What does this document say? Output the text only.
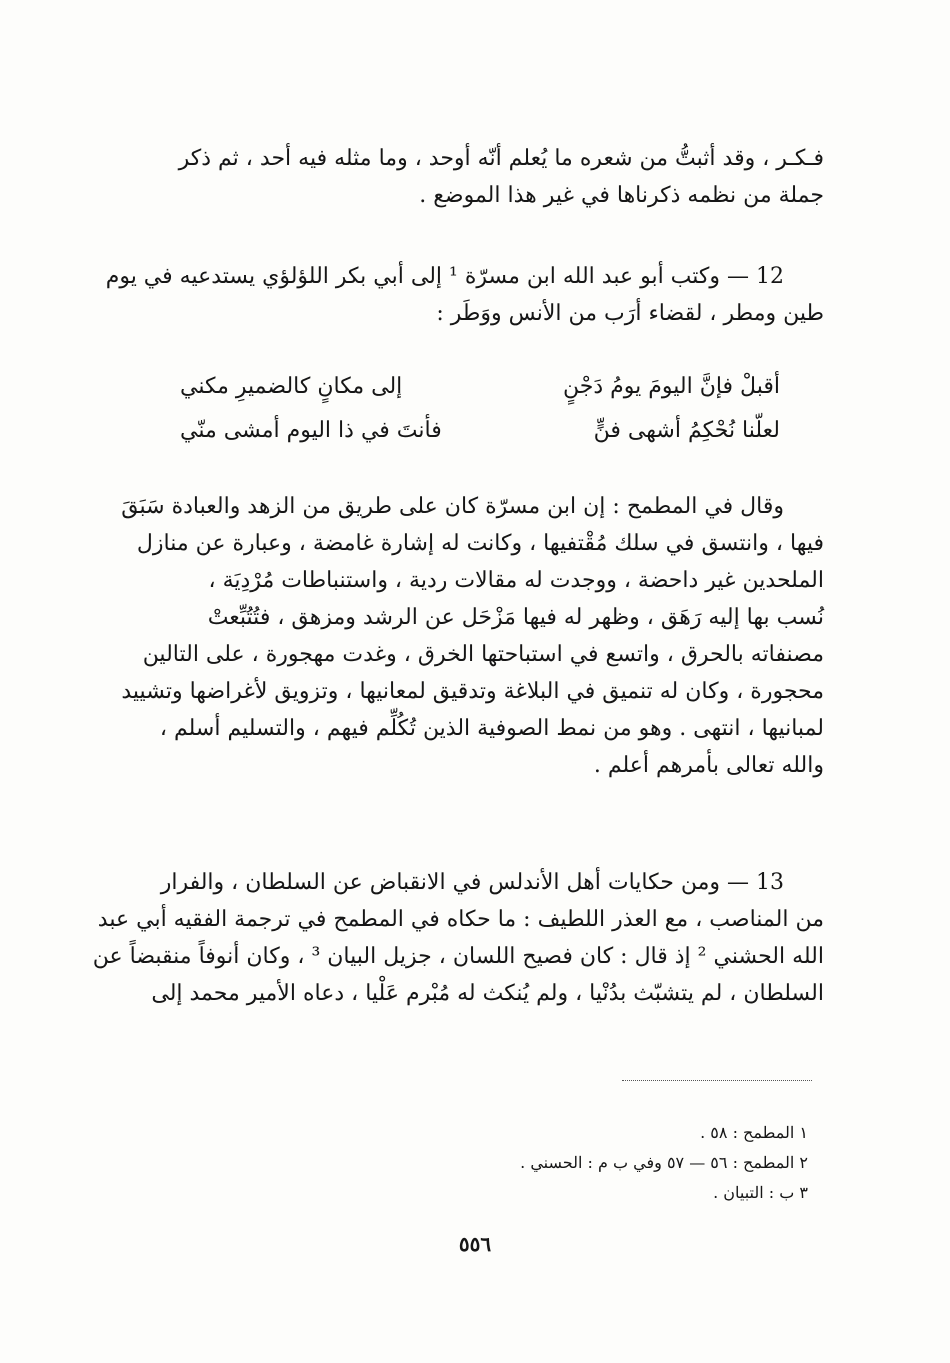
فـكـر ، وقد أثبتُّ من شعره ما يُعلم أنّه أوحد ، وما مثله فيه أحد ، ثم ذكر
جملة من نظمه ذكرناها في غير هذا الموضع .

12 — وكتب أبو عبد الله ابن مسرّة ¹ إلى أبي بكر اللؤلؤي يستدعيه في يوم
طين ومطر ، لقضاء أرَب من الأنس ووَطَر :

أقبلْ فإنَّ اليومَ يومُ دَجْنٍ
إلى مكانٍ كالضميرِ مكني
لعلّنا نُحْكِمُ أشهى فنٍّ
فأنتَ في ذا اليوم أمشى منّي

وقال في المطمح : إن ابن مسرّة كان على طريق من الزهد والعبادة سَبَقَ
فيها ، وانتسق في سلك مُقْتفيها ، وكانت له إشارة غامضة ، وعبارة عن منازل
الملحدين غير داحضة ، ووجدت له مقالات ردية ، واستنباطات مُرْدِيَة ،
نُسب بها إليه رَهَق ، وظهر له فيها مَزْحَل عن الرشد ومزهق ، فتُتُبِّعتْ
مصنفاته بالحرق ، واتسع في استباحتها الخرق ، وغدت مهجورة ، على التالين
محجورة ، وكان له تنميق في البلاغة وتدقيق لمعانيها ، وتزويق لأغراضها وتشييد
لمبانيها ، انتهى . وهو من نمط الصوفية الذين تُكُلِّم فيهم ، والتسليم أسلم ،
والله تعالى بأمرهم أعلم .

13 — ومن حكايات أهل الأندلس في الانقباض عن السلطان ، والفرار
من المناصب ، مع العذر اللطيف : ما حكاه في المطمح في ترجمة الفقيه أبي عبد
الله الحشني ² إذ قال : كان فصيح اللسان ، جزيل البيان ³ ، وكان أنوفاً منقبضاً عن
السلطان ، لم يتشبّث بدُنْيا ، ولم يُنكث له مُبْرم عَلْيا ، دعاه الأمير محمد إلى

١ المطمح : ٥٨ .
٢ المطمح : ٥٦ — ٥٧ وفي ب م : الحسني .
٣ ب : التبيان .
٥٥٦
